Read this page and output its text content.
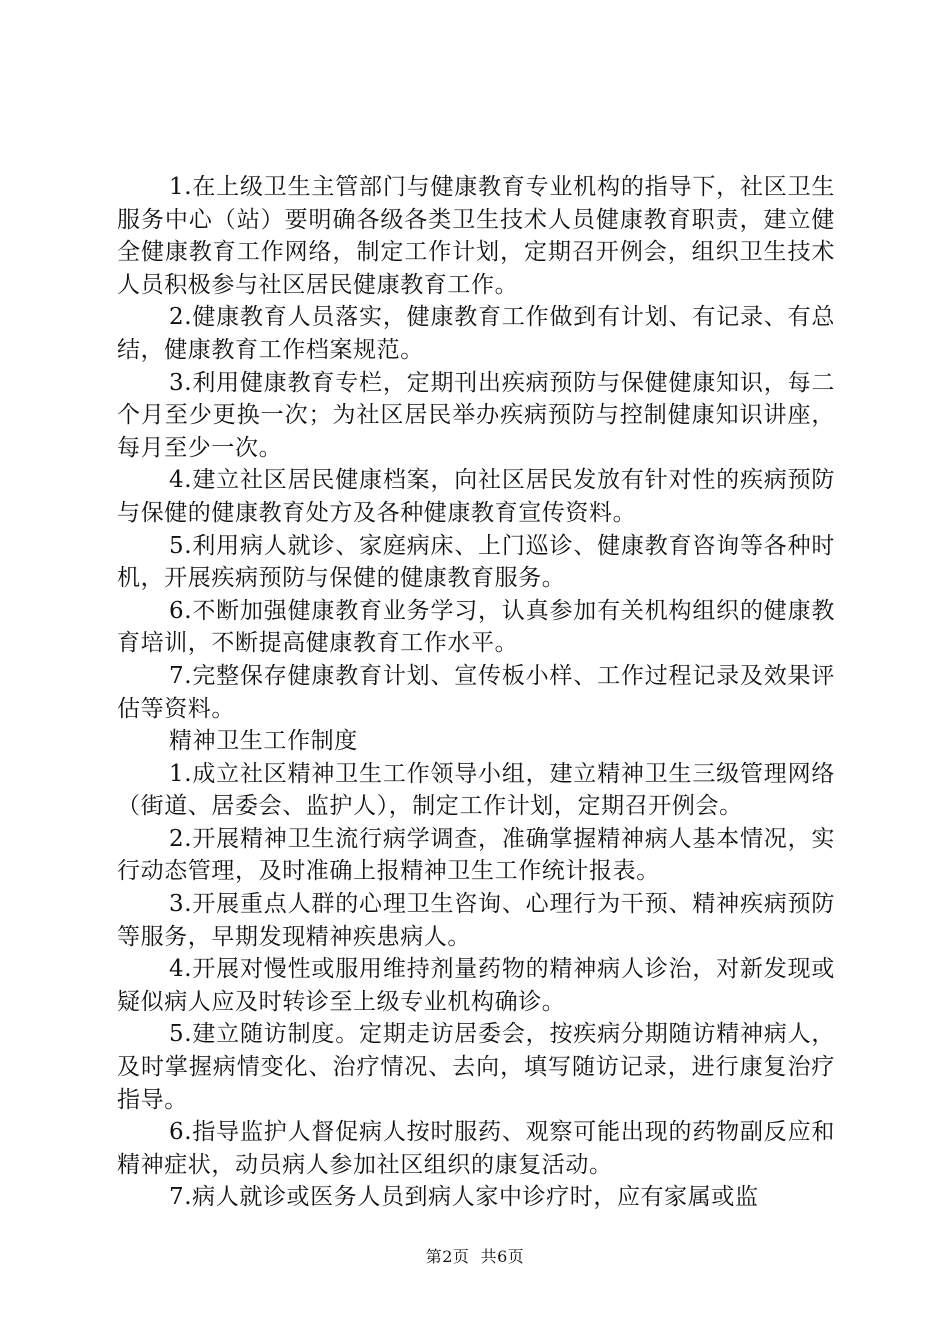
1.在上级卫生主管部门与健康教育专业机构的指导下，社区卫生服务中心（站）要明确各级各类卫生技术人员健康教育职责，建立健全健康教育工作网络，制定工作计划，定期召开例会，组织卫生技术人员积极参与社区居民健康教育工作。

2.健康教育人员落实，健康教育工作做到有计划、有记录、有总结，健康教育工作档案规范。

3.利用健康教育专栏，定期刊出疾病预防与保健健康知识，每二个月至少更换一次；为社区居民举办疾病预防与控制健康知识讲座，每月至少一次。

4.建立社区居民健康档案，向社区居民发放有针对性的疾病预防与保健的健康教育处方及各种健康教育宣传资料。

5.利用病人就诊、家庭病床、上门巡诊、健康教育咨询等各种时机，开展疾病预防与保健的健康教育服务。

6.不断加强健康教育业务学习，认真参加有关机构组织的健康教育培训，不断提高健康教育工作水平。

7.完整保存健康教育计划、宣传板小样、工作过程记录及效果评估等资料。

精神卫生工作制度

1.成立社区精神卫生工作领导小组，建立精神卫生三级管理网络（街道、居委会、监护人），制定工作计划，定期召开例会。

2.开展精神卫生流行病学调查，准确掌握精神病人基本情况，实行动态管理，及时准确上报精神卫生工作统计报表。

3.开展重点人群的心理卫生咨询、心理行为干预、精神疾病预防等服务，早期发现精神疾患病人。

4.开展对慢性或服用维持剂量药物的精神病人诊治，对新发现或疑似病人应及时转诊至上级专业机构确诊。

5.建立随访制度。定期走访居委会，按疾病分期随访精神病人，及时掌握病情变化、治疗情况、去向，填写随访记录，进行康复治疗指导。

6.指导监护人督促病人按时服药、观察可能出现的药物副反应和精神症状，动员病人参加社区组织的康复活动。

7.病人就诊或医务人员到病人家中诊疗时，应有家属或监

第2页 共6页
